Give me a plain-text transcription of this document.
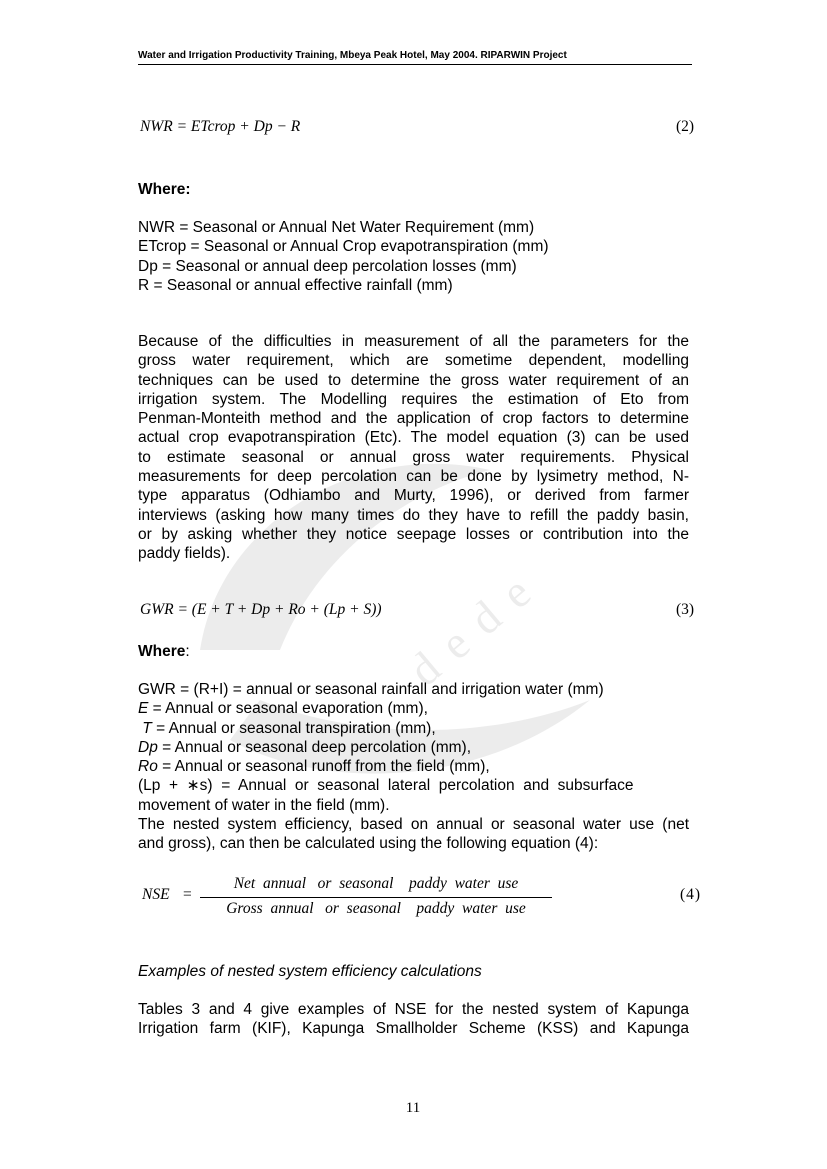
dede
Water and Irrigation Productivity Training, Mbeya Peak Hotel, May 2004. RIPARWIN Project
NWR = ETcrop + Dp − R	(2)
Where:
NWR = Seasonal or Annual Net Water Requirement (mm)
ETcrop = Seasonal or Annual Crop evapotranspiration (mm)
Dp = Seasonal or annual deep percolation losses (mm)
R = Seasonal or annual effective rainfall (mm)
Because of the difficulties in measurement of all the parameters for the
gross water requirement, which are sometime dependent, modelling
techniques can be used to determine the gross water requirement of an
irrigation system. The Modelling requires the estimation of Eto from
Penman-Monteith method and the application of crop factors to determine
actual crop evapotranspiration (Etc). The model equation (3) can be used
to estimate seasonal or annual gross water requirements. Physical
measurements for deep percolation can be done by lysimetry method, N-
type apparatus (Odhiambo and Murty, 1996), or derived from farmer
interviews (asking how many times do they have to refill the paddy basin,
or by asking whether they notice seepage losses or contribution into the
paddy fields).
GWR = (E + T + Dp + Ro + (Lp + S))	(3)
Where:
GWR = (R+I) = annual or seasonal rainfall and irrigation water (mm)
E = Annual or seasonal evaporation (mm),
T = Annual or seasonal transpiration (mm),
Dp = Annual or seasonal deep percolation (mm),
Ro = Annual or seasonal runoff from the field (mm),
(Lp  +  ∗s)  =  Annual  or  seasonal  lateral  percolation  and  subsurface
movement of water in the field (mm).
The nested system efficiency, based on annual or seasonal water use (net
and gross), can then be calculated using the following equation (4):
NSE =
Net  annual   or  seasonal    paddy  water  use
Gross  annual   or  seasonal    paddy  water  use
(4)
Examples of nested system efficiency calculations
Tables 3 and 4 give examples of NSE for the nested system of Kapunga
Irrigation farm (KIF), Kapunga Smallholder Scheme (KSS) and Kapunga
11
